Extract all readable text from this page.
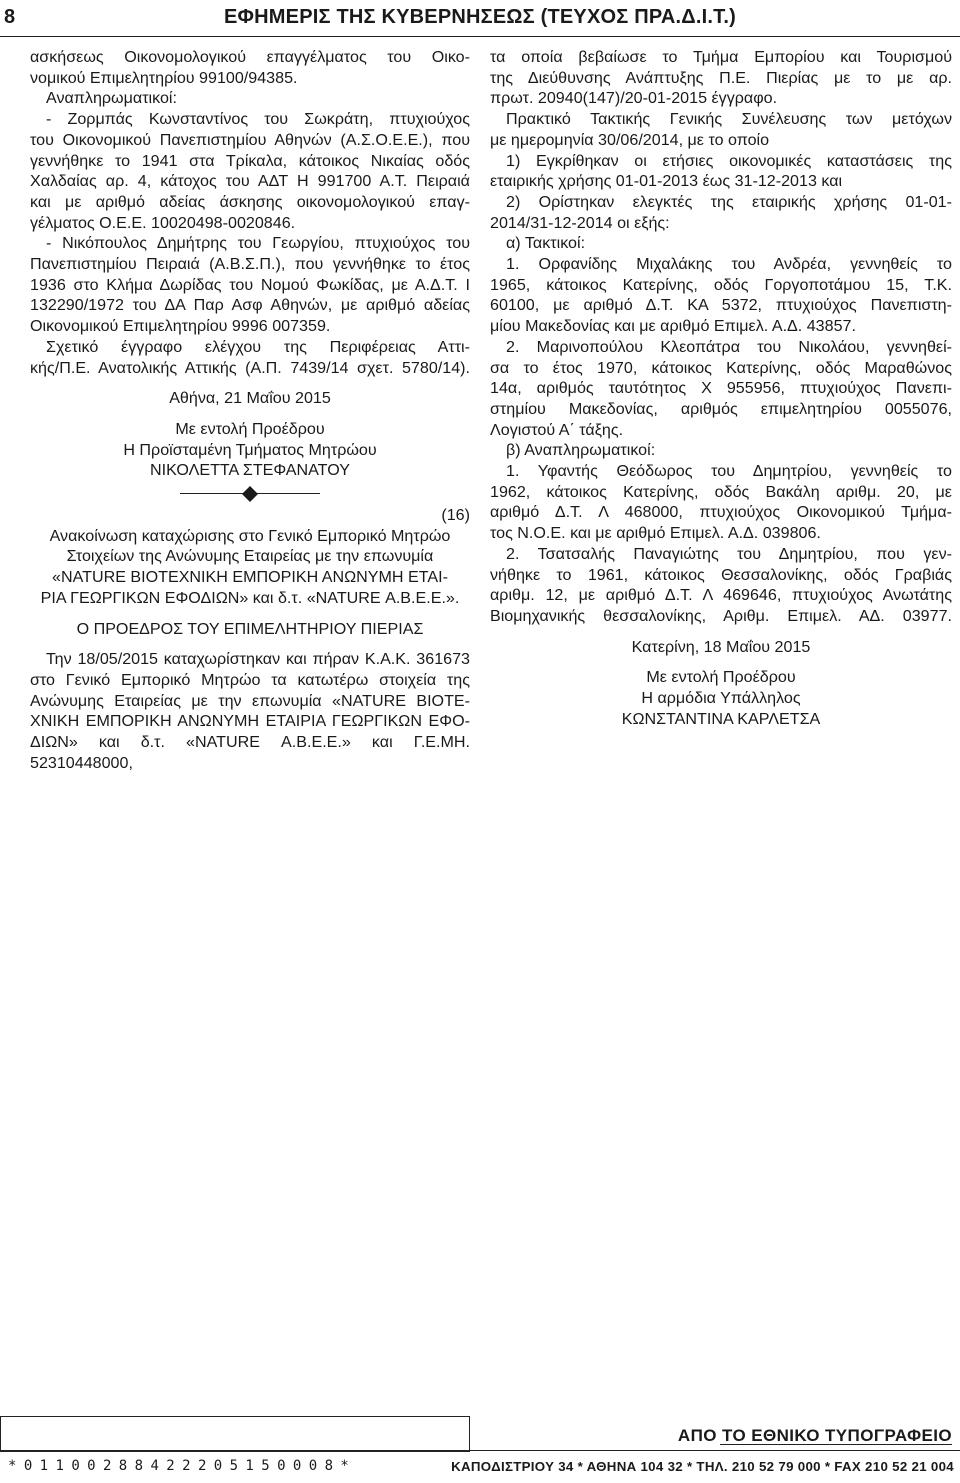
8	ΕΦΗΜΕΡΙΣ ΤΗΣ ΚΥΒΕΡΝΗΣΕΩΣ (ΤΕΥΧΟΣ ΠΡΑ.Δ.Ι.Τ.)

ασκήσεως Οικονομολογικού επαγγέλματος του Οικο-

νομικού Επιμελητηρίου 99100/94385.

Αναπληρωματικοί:

- Ζορμπάς Κωνσταντίνος του Σωκράτη, πτυχιούχος

του Οικονομικού Πανεπιστημίου Αθηνών (Α.Σ.Ο.Ε.Ε.), που

γεννήθηκε το 1941 στα Τρίκαλα, κάτοικος Νικαίας οδός

Χαλδαίας αρ. 4, κάτοχος του ΑΔΤ Η 991700 Α.Τ. Πειραιά

και με αριθμό αδείας άσκησης οικονομολογικού επαγ-

γέλματος Ο.Ε.Ε. 10020498-0020846.

- Νικόπουλος Δημήτρης του Γεωργίου, πτυχιούχος του

Πανεπιστημίου Πειραιά (Α.Β.Σ.Π.), που γεννήθηκε το έτος

1936 στο Κλήμα Δωρίδας του Νομού Φωκίδας, με Α.Δ.Τ. Ι

132290/1972 του ΔΑ Παρ Ασφ Αθηνών, με αριθμό αδείας

Οικονομικού Επιμελητηρίου 9996 007359.

Σχετικό έγγραφο ελέγχου της Περιφέρειας Αττι-

κής/Π.Ε. Ανατολικής Αττικής (Α.Π. 7439/14 σχετ. 5780/14).

Αθήνα, 21 Μαΐου 2015

Με εντολή Προέδρου

Η Προϊσταμένη Τμήματος Μητρώου

ΝΙΚΟΛΕΤΤΑ ΣΤΕΦΑΝΑΤΟΥ

(16)

Ανακοίνωση καταχώρισης στο Γενικό Εμπορικό Μητρώο

Στοιχείων της Ανώνυμης Εταιρείας με την επωνυμία

«NATURE ΒΙΟΤΕΧΝΙΚΗ ΕΜΠΟΡΙΚΗ ΑΝΩΝΥΜΗ ΕΤΑΙ-

ΡΙΑ ΓΕΩΡΓΙΚΩΝ ΕΦΟΔΙΩΝ» και δ.τ. «NATURE Α.Β.Ε.Ε.».

Ο ΠΡΟΕΔΡΟΣ ΤΟΥ ΕΠΙΜΕΛΗΤΗΡΙΟΥ ΠΙΕΡΙΑΣ

Την 18/05/2015 καταχωρίστηκαν και πήραν Κ.Α.Κ. 361673

στο Γενικό Εμπορικό Μητρώο τα κατωτέρω στοιχεία της

Ανώνυμης Εταιρείας με την επωνυμία «NATURE ΒΙΟΤΕ-

ΧΝΙΚΗ ΕΜΠΟΡΙΚΗ ΑΝΩΝΥΜΗ ΕΤΑΙΡΙΑ ΓΕΩΡΓΙΚΩΝ ΕΦΟ-

ΔΙΩΝ» και δ.τ. «NATURE Α.Β.Ε.Ε.» και Γ.Ε.ΜΗ. 52310448000,

τα οποία βεβαίωσε το Τμήμα Εμπορίου και Τουρισμού

της Διεύθυνσης Ανάπτυξης Π.Ε. Πιερίας με το με αρ.

πρωτ. 20940(147)/20-01-2015 έγγραφο.

Πρακτικό Τακτικής Γενικής Συνέλευσης των μετόχων

με ημερομηνία 30/06/2014, με το οποίο

1) Εγκρίθηκαν οι ετήσιες οικονομικές καταστάσεις της

εταιρικής χρήσης 01-01-2013 έως 31-12-2013 και

2) Ορίστηκαν ελεγκτές της εταιρικής χρήσης 01-01-

2014/31-12-2014 οι εξής:

α) Τακτικοί:

1. Ορφανίδης Μιχαλάκης του Ανδρέα, γεννηθείς το

1965, κάτοικος Κατερίνης, οδός Γοργοποτάμου 15, Τ.Κ.

60100, με αριθμό Δ.Τ. ΚΑ 5372, πτυχιούχος Πανεπιστη-

μίου Μακεδονίας και με αριθμό Επιμελ. Α.Δ. 43857.

2. Μαρινοπούλου Κλεοπάτρα του Νικολάου, γεννηθεί-

σα το έτος 1970, κάτοικος Κατερίνης, οδός Μαραθώνος

14α, αριθμός ταυτότητος Χ 955956, πτυχιούχος Πανεπι-

στημίου Μακεδονίας, αριθμός επιμελητηρίου 0055076,

Λογιστού Α΄ τάξης.

β) Αναπληρωματικοί:

1. Υφαντής Θεόδωρος του Δημητρίου, γεννηθείς το

1962, κάτοικος Κατερίνης, οδός Βακάλη αριθμ. 20, με

αριθμό Δ.Τ. Λ 468000, πτυχιούχος Οικονομικού Τμήμα-

τος Ν.Ο.Ε. και με αριθμό Επιμελ. Α.Δ. 039806.

2. Τσατσαλής Παναγιώτης του Δημητρίου, που γεν-

νήθηκε το 1961, κάτοικος Θεσσαλονίκης, οδός Γραβιάς

αριθμ. 12, με αριθμό Δ.Τ. Λ 469646, πτυχιούχος Ανωτάτης

Βιομηχανικής θεσσαλονίκης, Αριθμ. Επιμελ. ΑΔ. 03977.

Κατερίνη, 18 Μαΐου 2015

Με εντολή Προέδρου

Η αρμόδια Υπάλληλος

ΚΩΝΣΤΑΝΤΙΝΑ ΚΑΡΛΕΤΣΑ

*01100288422205150008*
ΑΠΟ ΤΟ ΕΘΝΙΚΟ ΤΥΠΟΓΡΑΦΕΙΟ
ΚΑΠΟΔΙΣΤΡΙΟΥ 34 * ΑΘΗΝΑ 104 32 * ΤΗΛ. 210 52 79 000 * FAX 210 52 21 004
